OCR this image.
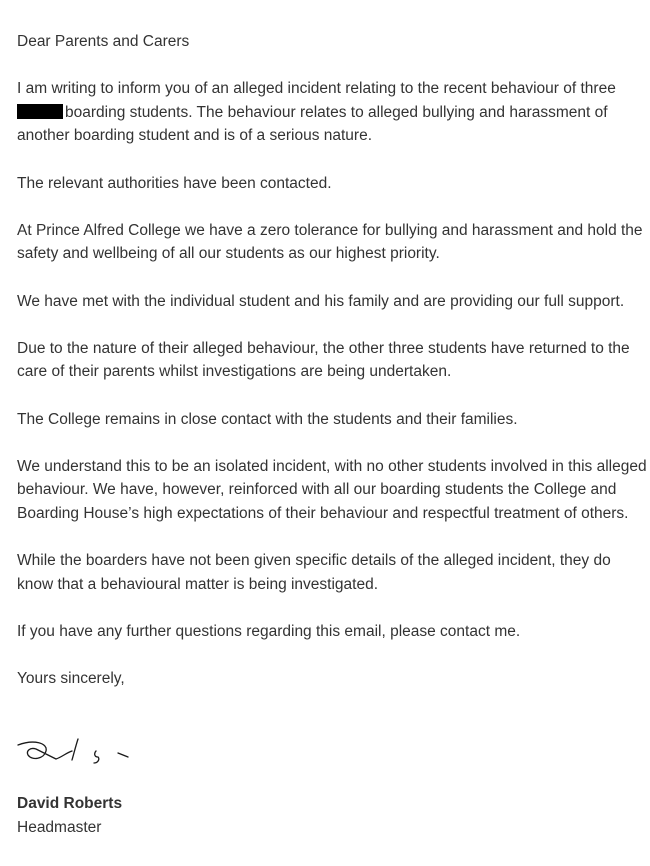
Dear Parents and Carers

I am writing to inform you of an alleged incident relating to the recent behaviour of three
boarding students. The behaviour relates to alleged bullying and harassment of another boarding student and is of a serious nature.

The relevant authorities have been contacted.

At Prince Alfred College we have a zero tolerance for bullying and harassment and hold the safety and wellbeing of all our students as our highest priority.

We have met with the individual student and his family and are providing our full support.

Due to the nature of their alleged behaviour, the other three students have returned to the care of their parents whilst investigations are being undertaken.

The College remains in close contact with the students and their families.

We understand this to be an isolated incident, with no other students involved in this alleged behaviour. We have, however, reinforced with all our boarding students the College and Boarding House’s high expectations of their behaviour and respectful treatment of others.

While the boarders have not been given specific details of the alleged incident, they do know that a behavioural matter is being investigated.

If you have any further questions regarding this email, please contact me.

Yours sincerely,

David Roberts
Headmaster
